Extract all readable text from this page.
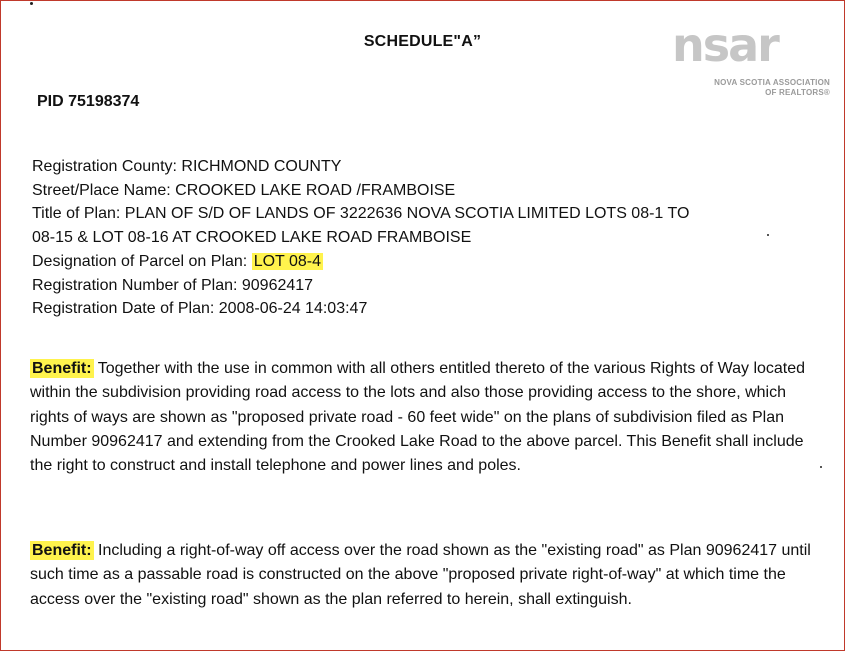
SCHEDULE"A”
PID 75198374
nsar
NOVA SCOTIA ASSOCIATION
OF REALTORS®
Registration County: RICHMOND COUNTY
Street/Place Name: CROOKED LAKE ROAD /FRAMBOISE
Title of Plan: PLAN OF S/D OF LANDS OF 3222636 NOVA SCOTIA LIMITED LOTS 08-1 TO
08-15 & LOT 08-16 AT CROOKED LAKE ROAD FRAMBOISE
Designation of Parcel on Plan: LOT 08-4
Registration Number of Plan: 90962417
Registration Date of Plan: 2008-06-24 14:03:47
Benefit: Together with the use in common with all others entitled thereto of the various Rights of Way located within the subdivision providing road access to the lots and also those providing access to the shore, which rights of ways are shown as "proposed private road - 60 feet wide" on the plans of subdivision filed as Plan Number 90962417 and extending from the Crooked Lake Road to the above parcel. This Benefit shall include the right to construct and install telephone and power lines and poles.
Benefit: Including a right-of-way off access over the road shown as the "existing road" as Plan 90962417 until such time as a passable road is constructed on the above "proposed private right-of-way" at which time the access over the "existing road" shown as the plan referred to herein, shall extinguish.
